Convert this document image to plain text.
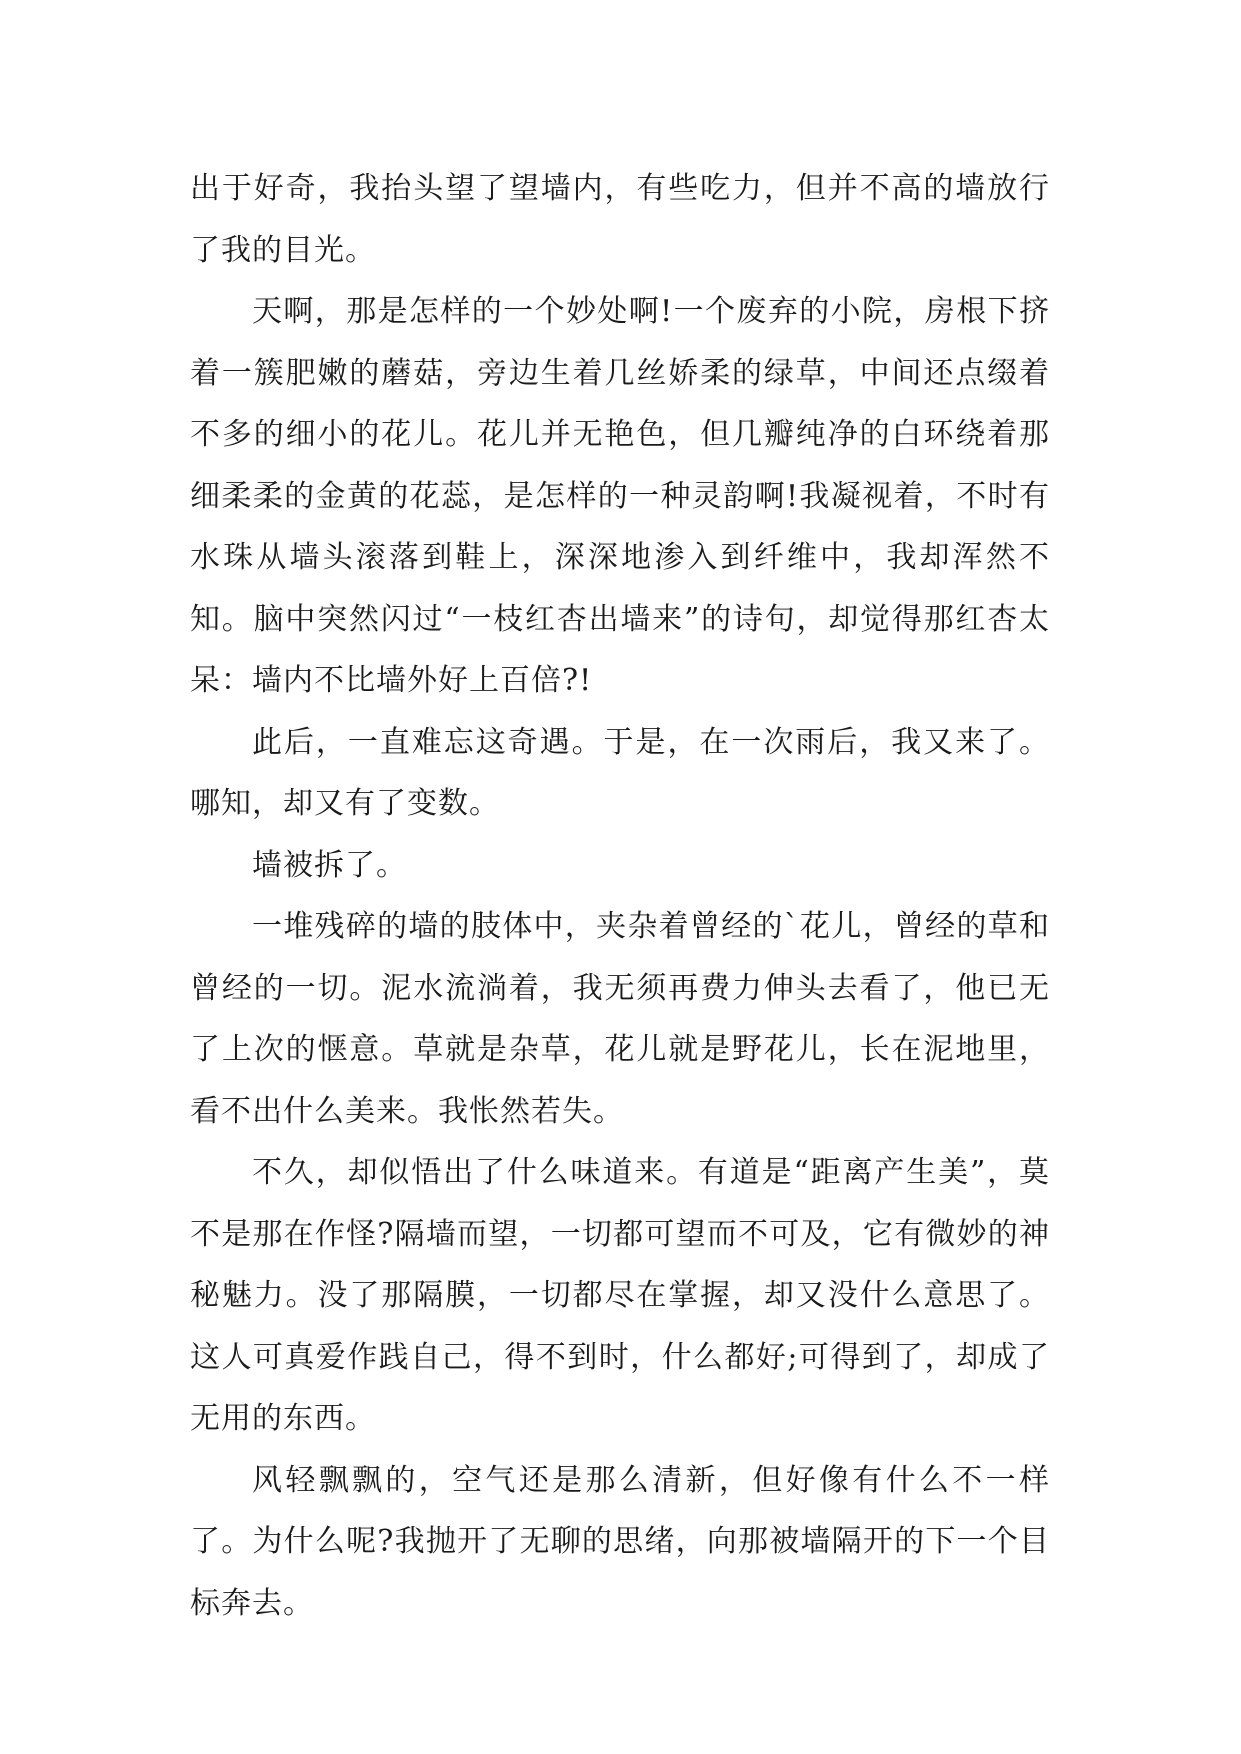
出于好奇，我抬头望了望墙内，有些吃力，但并不高的墙放行了我的目光。

天啊，那是怎样的一个妙处啊!一个废弃的小院，房根下挤着一簇肥嫩的蘑菇，旁边生着几丝娇柔的绿草，中间还点缀着不多的细小的花儿。花儿并无艳色，但几瓣纯净的白环绕着那细柔柔的金黄的花蕊，是怎样的一种灵韵啊!我凝视着，不时有水珠从墙头滚落到鞋上，深深地渗入到纤维中，我却浑然不知。脑中突然闪过“一枝红杏出墙来”的诗句，却觉得那红杏太呆：墙内不比墙外好上百倍?!

此后，一直难忘这奇遇。于是，在一次雨后，我又来了。哪知，却又有了变数。

墙被拆了。

一堆残碎的墙的肢体中，夹杂着曾经的`花儿，曾经的草和曾经的一切。泥水流淌着，我无须再费力伸头去看了，他已无了上次的惬意。草就是杂草，花儿就是野花儿，长在泥地里，看不出什么美来。我怅然若失。

不久，却似悟出了什么味道来。有道是“距离产生美”，莫不是那在作怪?隔墙而望，一切都可望而不可及，它有微妙的神秘魅力。没了那隔膜，一切都尽在掌握，却又没什么意思了。这人可真爱作践自己，得不到时，什么都好;可得到了，却成了无用的东西。

风轻飘飘的，空气还是那么清新，但好像有什么不一样了。为什么呢?我抛开了无聊的思绪，向那被墙隔开的下一个目标奔去。
